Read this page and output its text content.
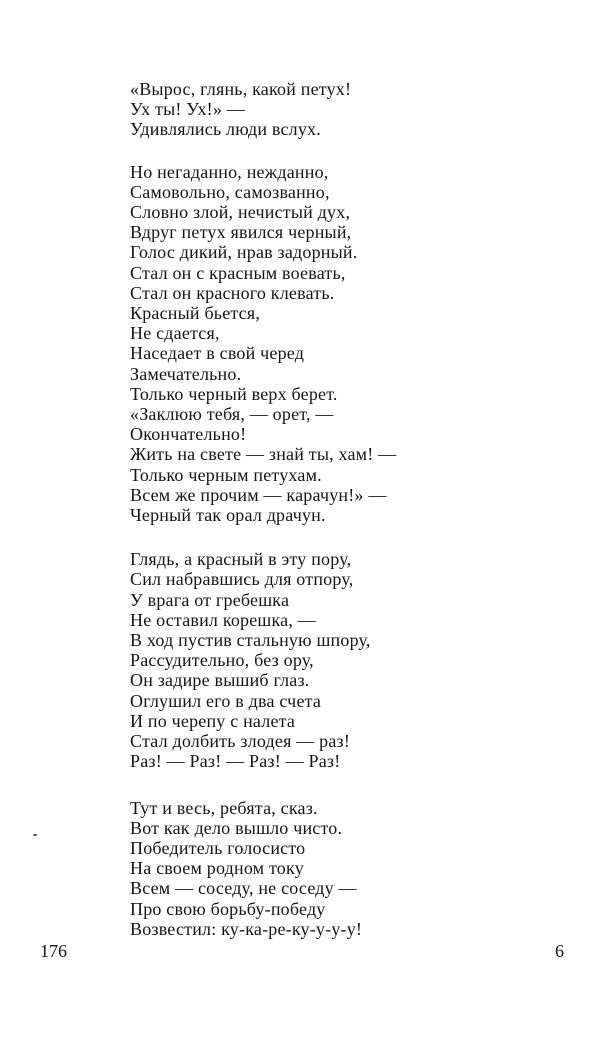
«Вырос, глянь, какой петух!
Ух ты! Ух!» —
Удивлялись люди вслух.
Но негаданно, нежданно,
Самовольно, самозванно,
Словно злой, нечистый дух,
Вдруг петух явился черный,
Голос дикий, нрав задорный.
Стал он с красным воевать,
Стал он красного клевать.
Красный бьется,
Не сдается,
Наседает в свой черед
Замечательно.
Только черный верх берет.
«Заклюю тебя, — орет, —
Окончательно!
Жить на свете — знай ты, хам! —
Только черным петухам.
Всем же прочим — карачун!» —
Черный так орал драчун.
Глядь, а красный в эту пору,
Сил набравшись для отпору,
У врага от гребешка
Не оставил корешка, —
В ход пустив стальную шпору,
Рассудительно, без ору,
Он задире вышиб глаз.
Оглушил его в два счета
И по черепу с налета
Стал долбить злодея — раз!
Раз! — Раз! — Раз! — Раз!
Тут и весь, ребята, сказ.
Вот как дело вышло чисто.
Победитель голосисто
На своем родном току
Всем — соседу, не соседу —
Про свою борьбу-победу
Возвестил: ку-ка-ре-ку-у-у-у!
176	6
